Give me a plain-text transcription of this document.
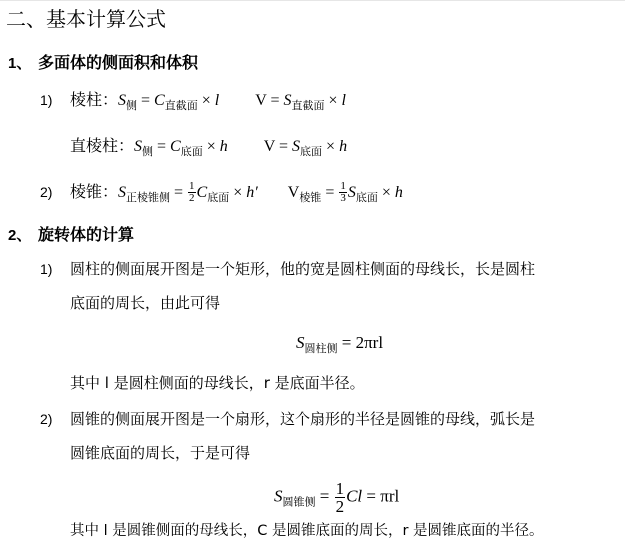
二、基本计算公式
1、 多面体的侧面积和体积
1) 棱柱：$S_侧 = C_{直截面} \times l$ $V = S_{直截面} \times l$
直棱柱：$S_侧 = C_{底面} \times h$ $V = S_{底面} \times h$
2) 棱锥：$S_{正棱锥侧} = \frac{1}{2} C_{底面} \times h'$ $V_{棱锥} = \frac{1}{3} S_{底面} \times h$
2、 旋转体的计算
1) 圆柱的侧面展开图是一个矩形，他的宽是圆柱侧面的母线长，长是圆柱
底面的周长，由此可得
$S_{圆柱侧} = 2\pi rl$
其中 l 是圆柱侧面的母线长，r 是底面半径。
2) 圆锥的侧面展开图是一个扇形，这个扇形的半径是圆锥的母线，弧长是
圆锥底面的周长，于是可得
$S_{圆锥侧} = \frac{1}{2}$ Cl = πrl
其中 l 是圆锥侧面的母线长，C 是圆锥底面的周长，r 是圆锥底面的半径。
